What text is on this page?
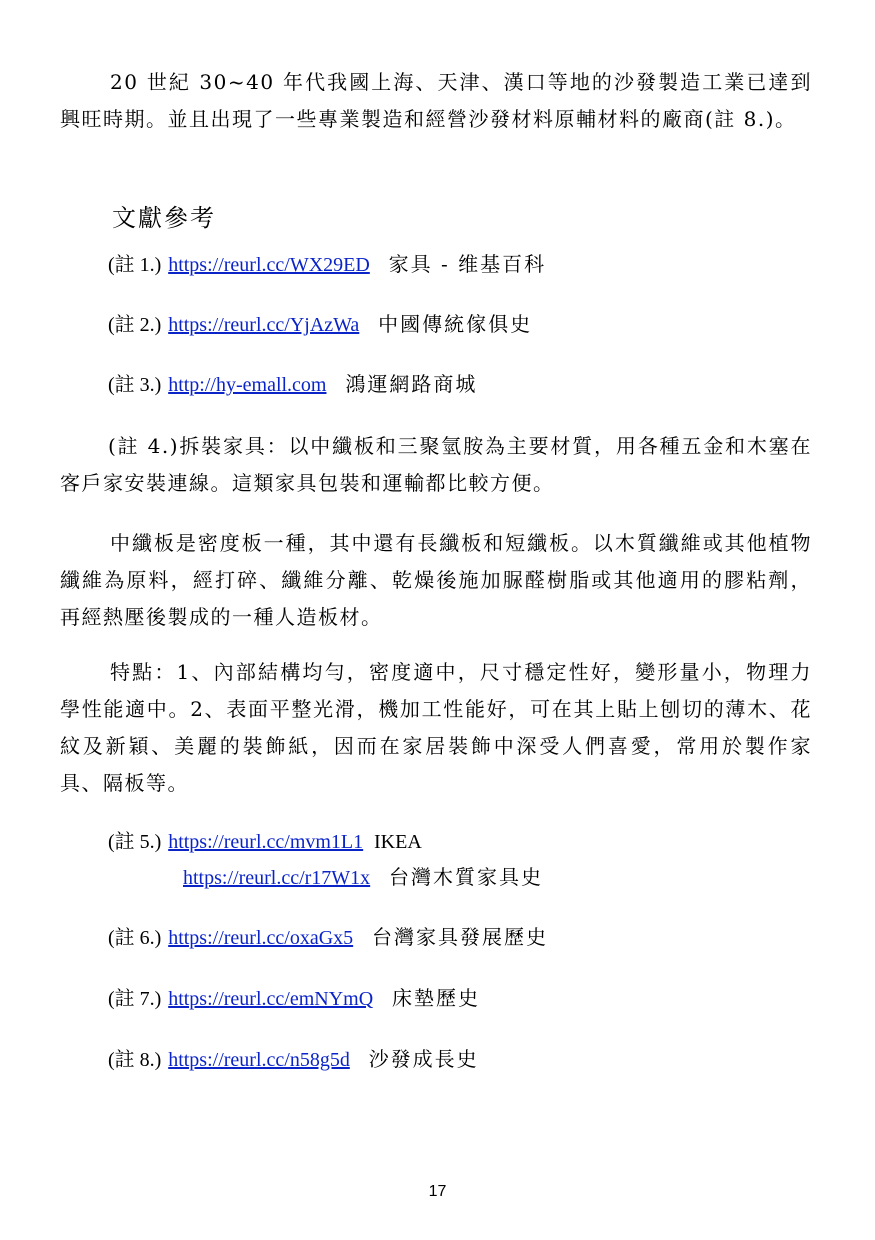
20 世紀 30~40 年代我國上海、天津、漢口等地的沙發製造工業已達到興旺時期。並且出現了一些專業製造和經營沙發材料原輔材料的廠商(註 8.)。

文獻參考
(註 1.) https://reurl.cc/WX29ED 家具 - 维基百科
(註 2.) https://reurl.cc/YjAzWa 中國傳統傢俱史
(註 3.) http://hy-emall.com 鴻運網路商城

(註 4.)拆裝家具：以中纖板和三聚氫胺為主要材質，用各種五金和木塞在客戶家安裝連線。這類家具包裝和運輸都比較方便。

中纖板是密度板一種，其中還有長纖板和短纖板。以木質纖維或其他植物纖維為原料，經打碎、纖維分離、乾燥後施加脲醛樹脂或其他適用的膠粘劑，再經熱壓後製成的一種人造板材。

特點：1、內部結構均勻，密度適中，尺寸穩定性好，變形量小，物理力學性能適中。2、表面平整光滑，機加工性能好，可在其上貼上刨切的薄木、花紋及新穎、美麗的裝飾紙，因而在家居裝飾中深受人們喜愛，常用於製作家具、隔板等。

(註 5.) https://reurl.cc/mvm1L1 IKEA
https://reurl.cc/r17W1x 台灣木質家具史
(註 6.) https://reurl.cc/oxaGx5 台灣家具發展歷史
(註 7.) https://reurl.cc/emNYmQ 床墊歷史
(註 8.) https://reurl.cc/n58g5d 沙發成長史
17
